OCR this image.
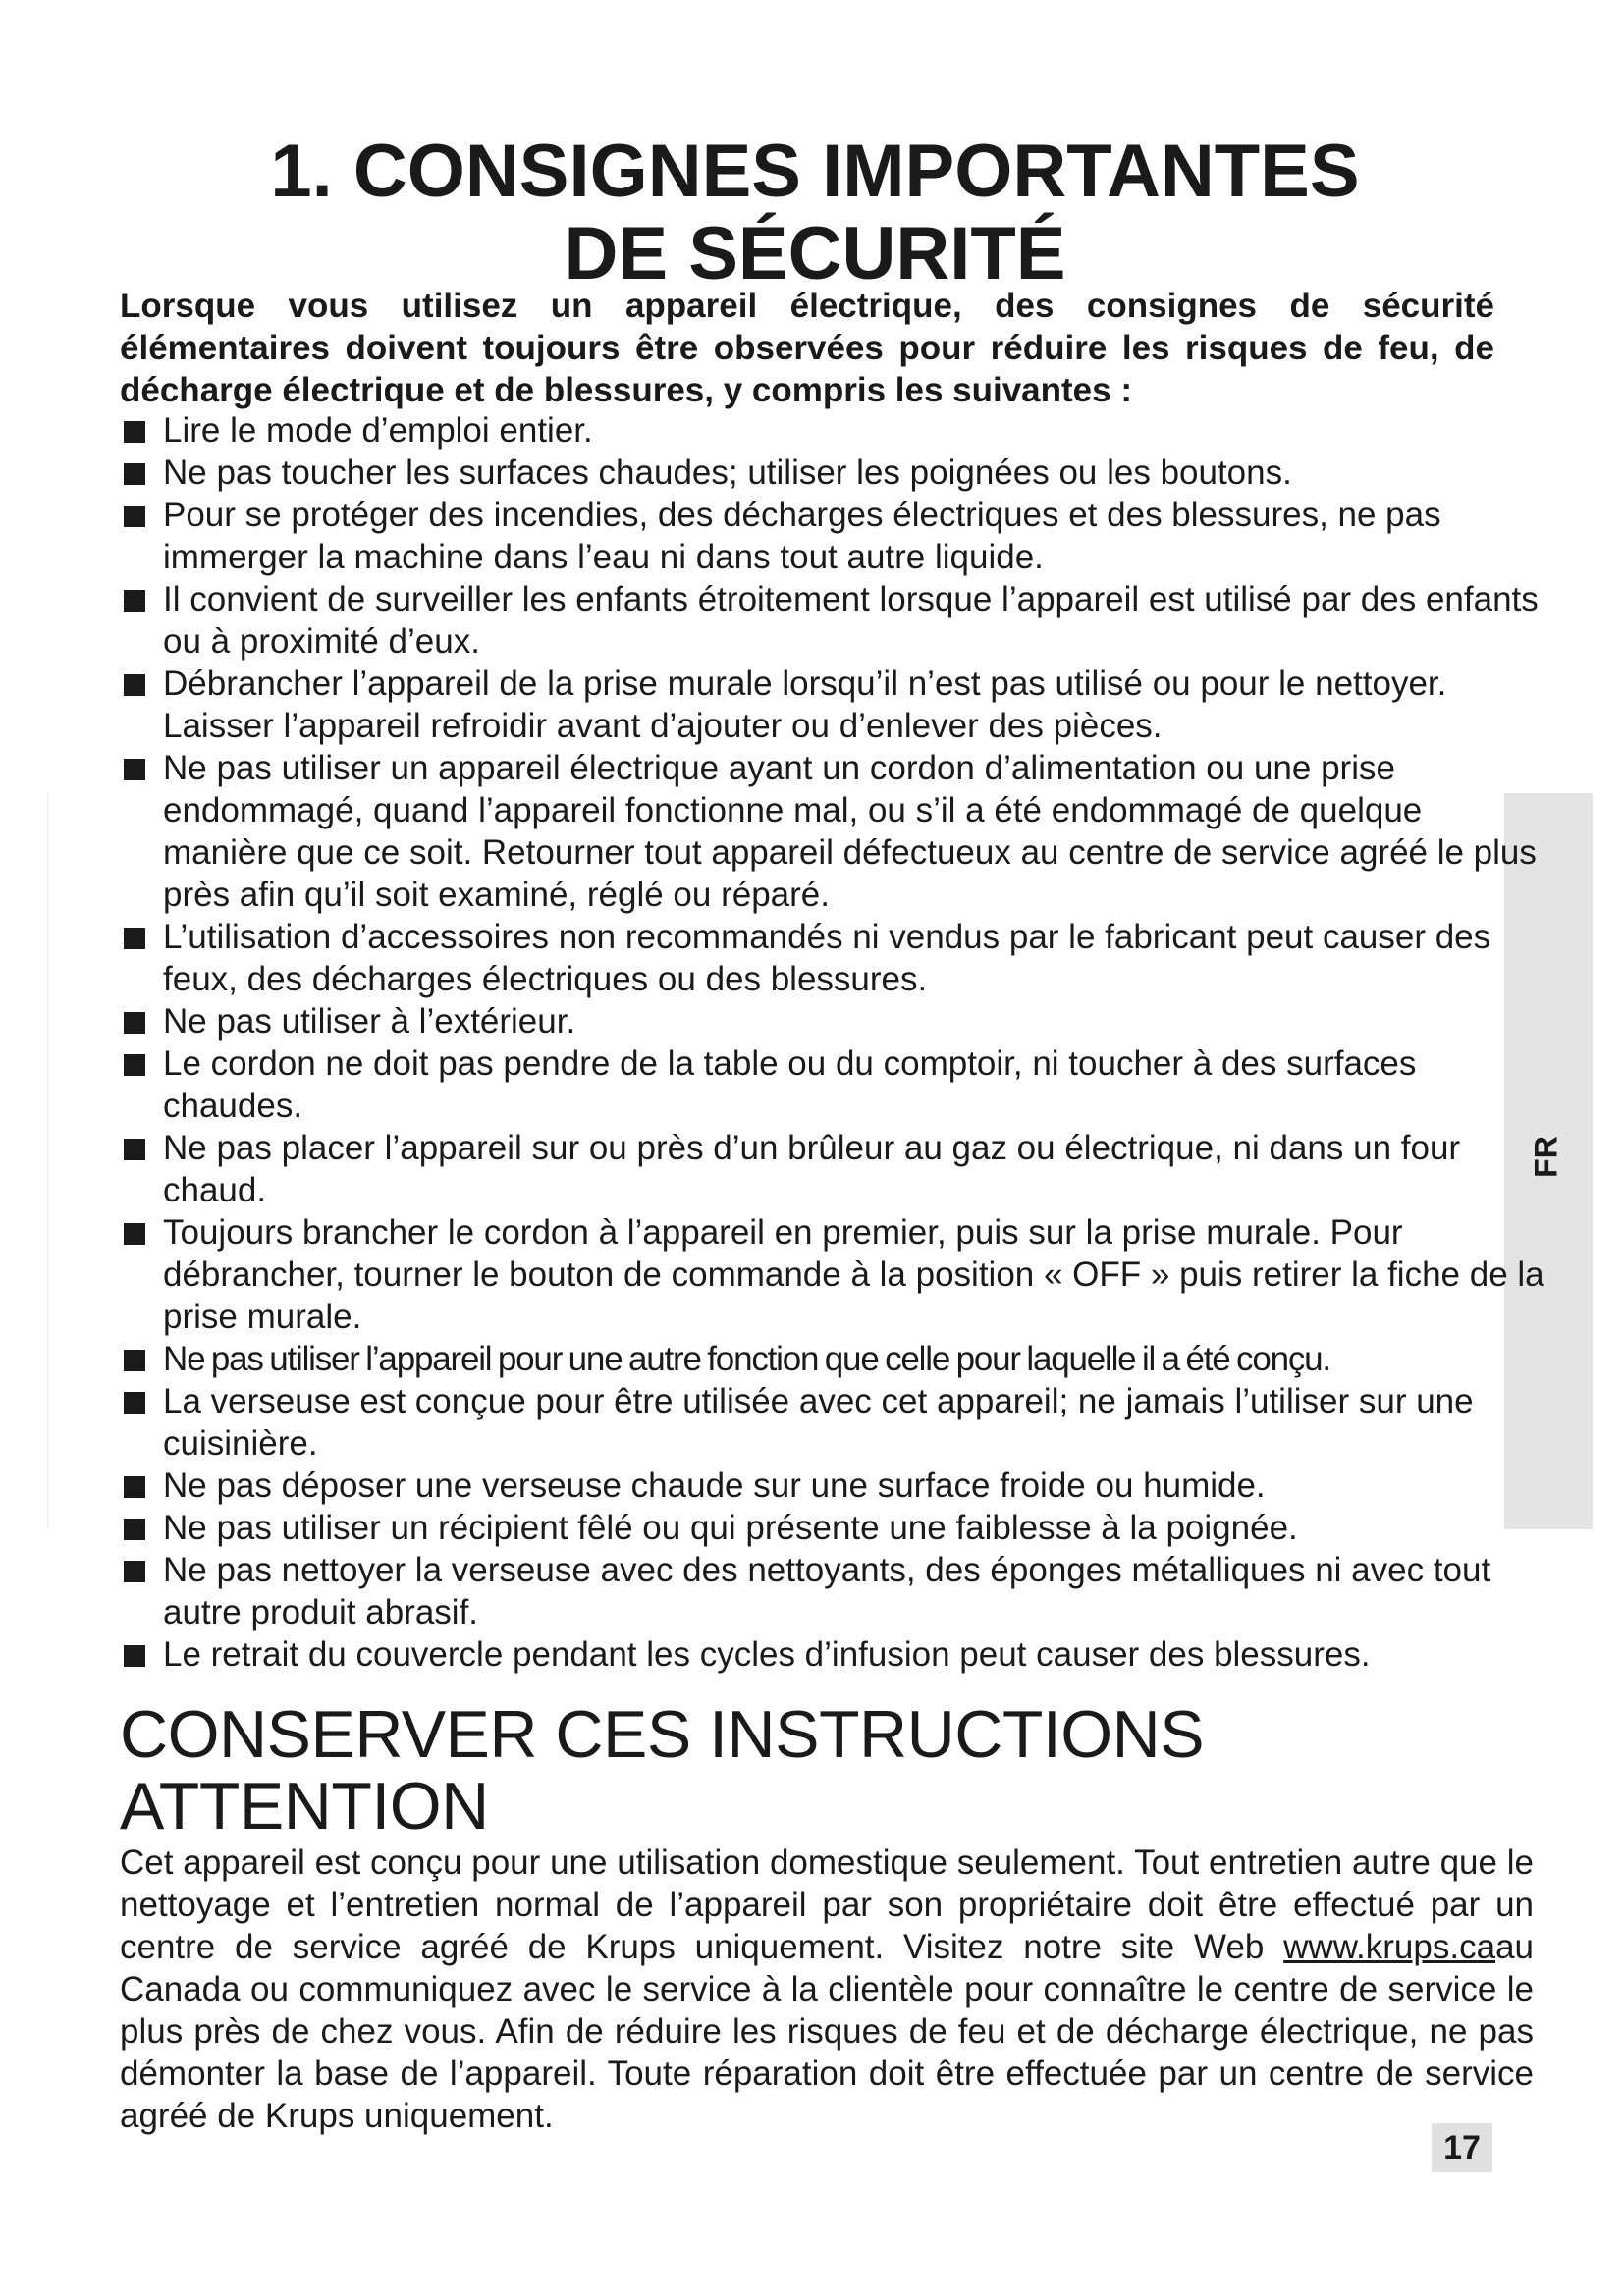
FR
1. CONSIGNES IMPORTANTES
DE SÉCURITÉ

Lorsque vous utilisez un appareil électrique, des consignes de sécurité élémentaires doivent toujours être observées pour réduire les risques de feu, de décharge électrique et de blessures, y compris les suivantes :

Lire le mode d’emploi entier.
Ne pas toucher les surfaces chaudes; utiliser les poignées ou les boutons.
Pour se protéger des incendies, des décharges électriques et des blessures, ne pas immerger la machine dans l’eau ni dans tout autre liquide.
Il convient de surveiller les enfants étroitement lorsque l’appareil est utilisé par des enfants ou à proximité d’eux.
Débrancher l’appareil de la prise murale lorsqu’il n’est pas utilisé ou pour le nettoyer. Laisser l’appareil refroidir avant d’ajouter ou d’enlever des pièces.
Ne pas utiliser un appareil électrique ayant un cordon d’alimentation ou une prise endommagé, quand l’appareil fonctionne mal, ou s’il a été endommagé de quelque manière que ce soit. Retourner tout appareil défectueux au centre de service agréé le plus près afin qu’il soit examiné, réglé ou réparé.
L’utilisation d’accessoires non recommandés ni vendus par le fabricant peut causer des feux, des décharges électriques ou des blessures.
Ne pas utiliser à l’extérieur.
Le cordon ne doit pas pendre de la table ou du comptoir, ni toucher à des surfaces chaudes.
Ne pas placer l’appareil sur ou près d’un brûleur au gaz ou électrique, ni dans un four chaud.
Toujours brancher le cordon à l’appareil en premier, puis sur la prise murale. Pour débrancher, tourner le bouton de commande à la position « OFF » puis retirer la fiche de la prise murale.
Ne pas utiliser l’appareil pour une autre fonction que celle pour laquelle il a été conçu.
La verseuse est conçue pour être utilisée avec cet appareil; ne jamais l’utiliser sur une cuisinière.
Ne pas déposer une verseuse chaude sur une surface froide ou humide.
Ne pas utiliser un récipient fêlé ou qui présente une faiblesse à la poignée.
Ne pas nettoyer la verseuse avec des nettoyants, des éponges métalliques ni avec tout autre produit abrasif.
Le retrait du couvercle pendant les cycles d’infusion peut causer des blessures.
CONSERVER CES INSTRUCTIONS
ATTENTION

Cet appareil est conçu pour une utilisation domestique seulement. Tout entretien autre que le nettoyage et l’entretien normal de l’appareil par son propriétaire doit être effectué par un centre de service agréé de Krups uniquement. Visitez notre site Web www.krups.caau Canada ou communiquez avec le service à la clientèle pour connaître le centre de service le plus près de chez vous. Afin de réduire les risques de feu et de décharge électrique, ne pas démonter la base de l’appareil. Toute réparation doit être effectuée par un centre de service agréé de Krups uniquement.

17
